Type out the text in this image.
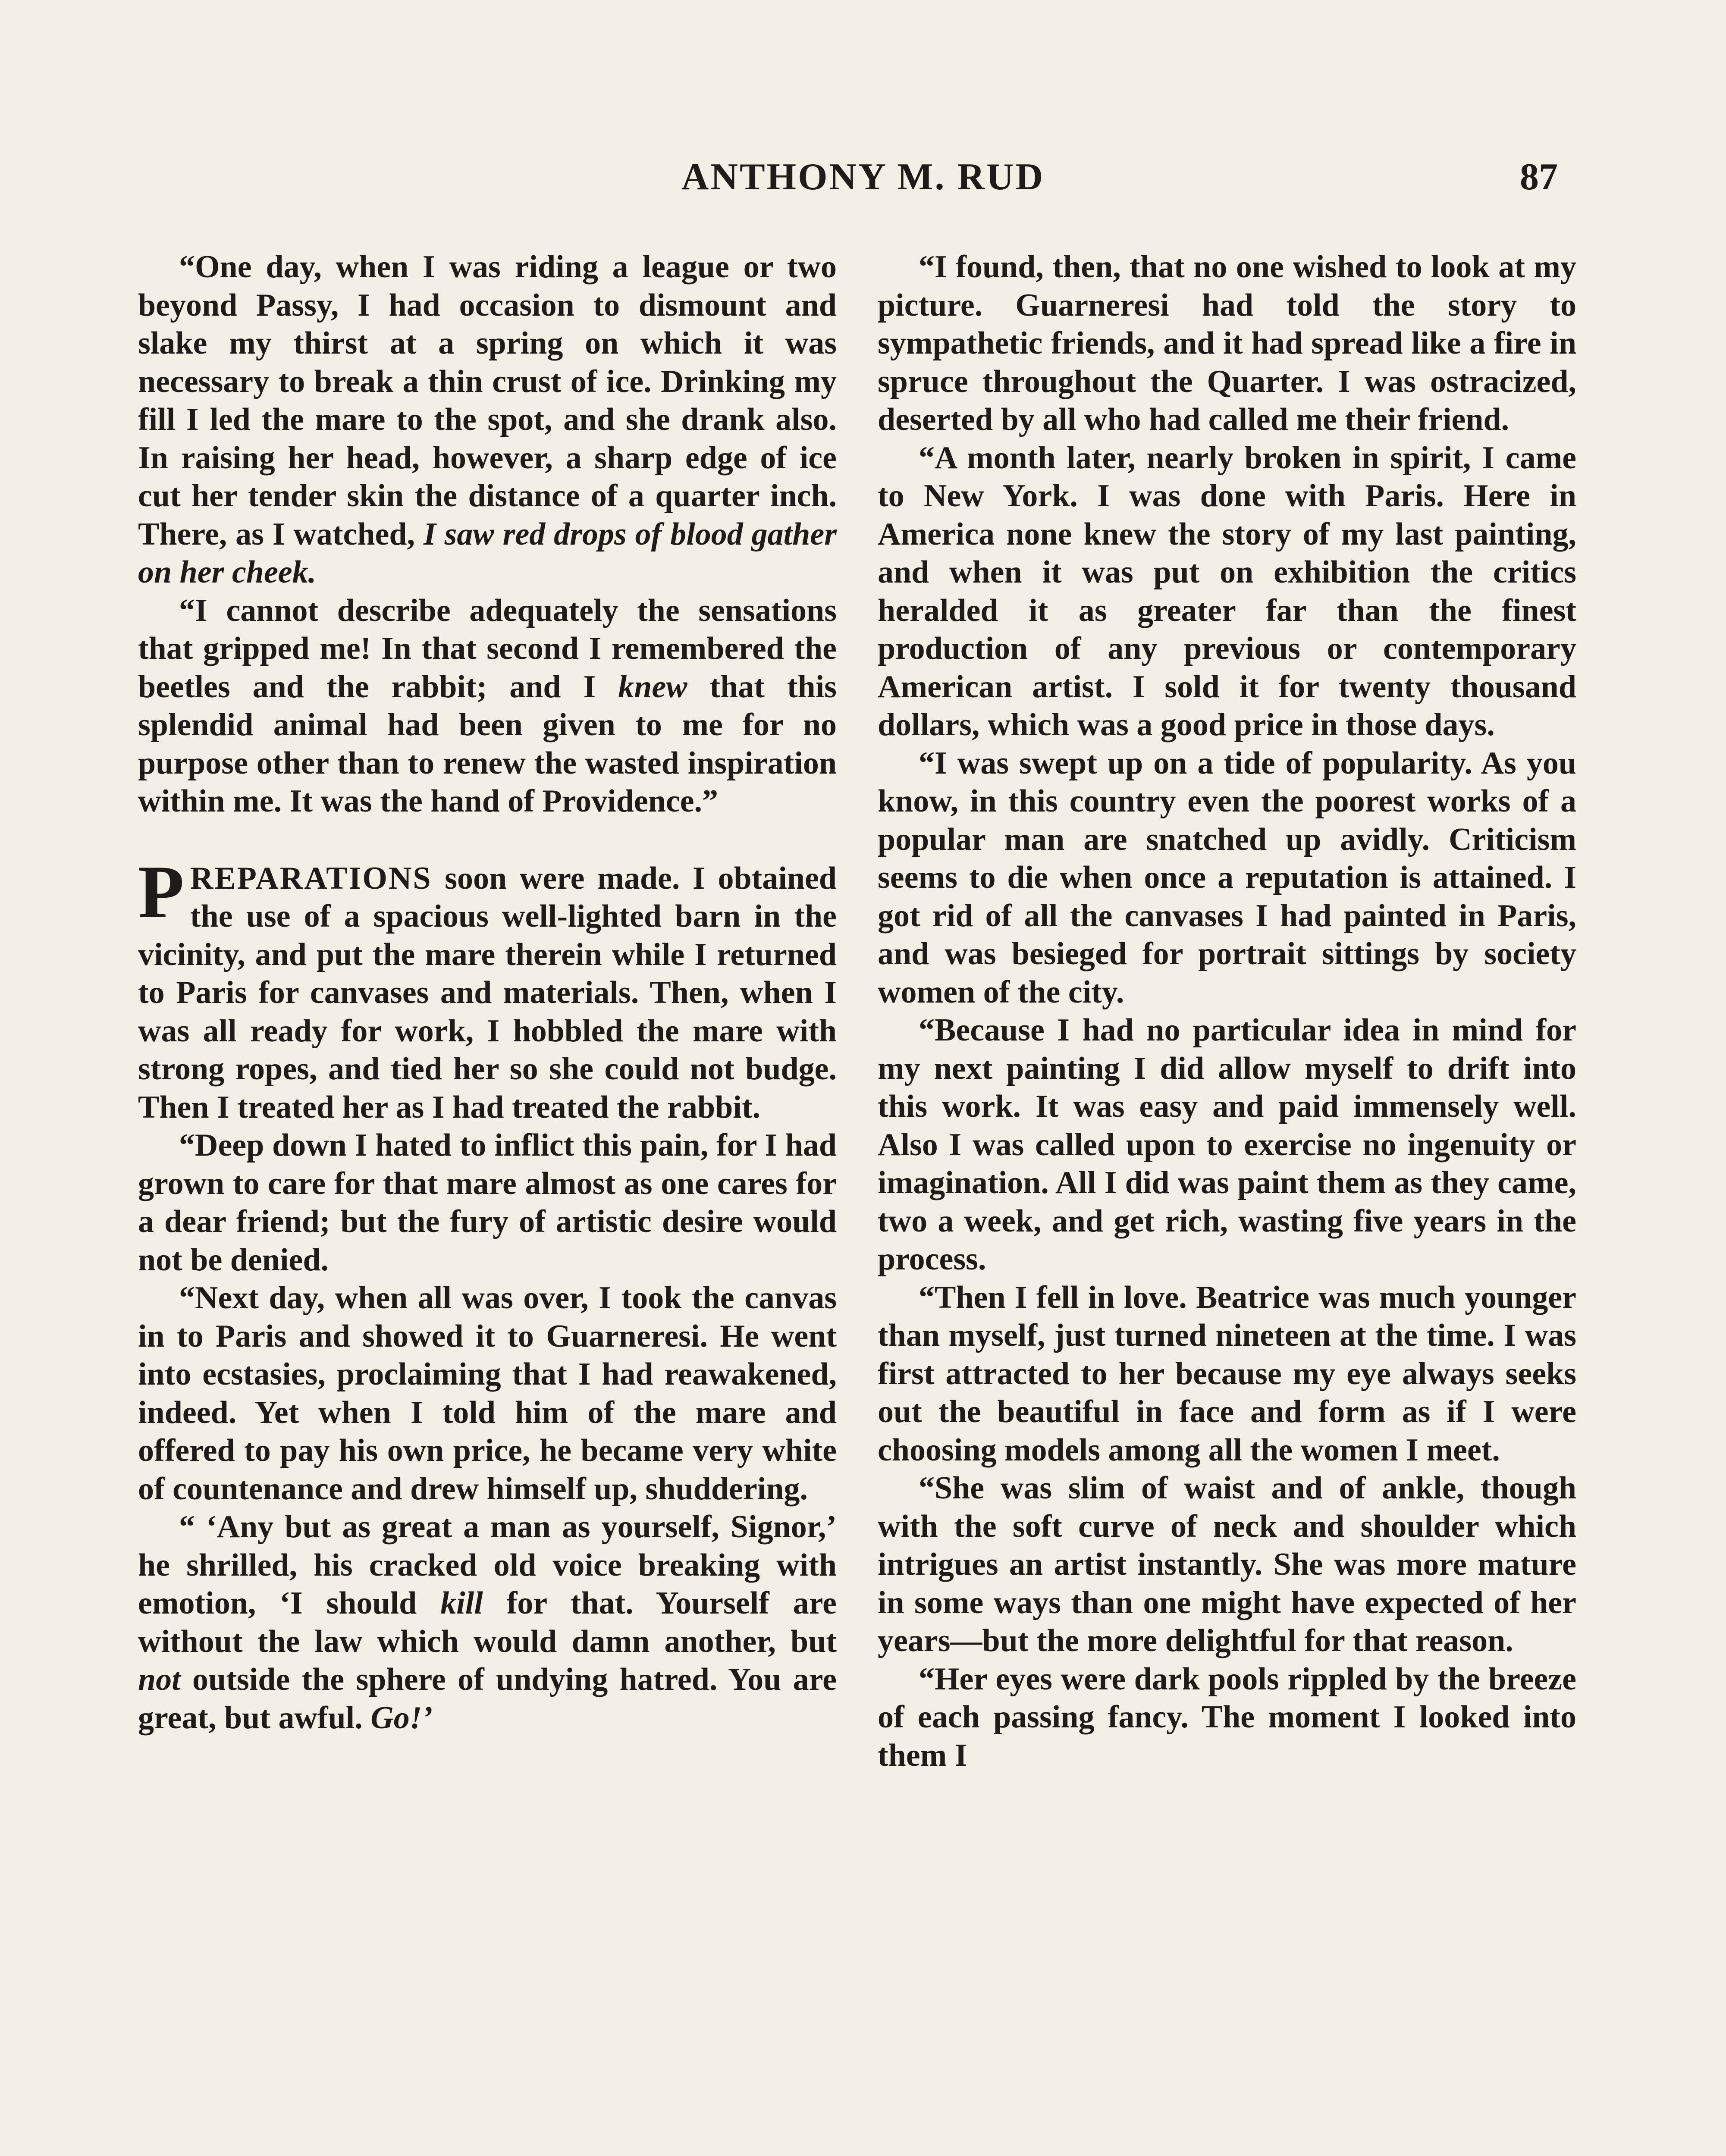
ANTHONY M. RUD	87

“One day, when I was riding a league or two beyond Passy, I had occasion to dismount and slake my thirst at a spring on which it was necessary to break a thin crust of ice. Drinking my fill I led the mare to the spot, and she drank also. In raising her head, however, a sharp edge of ice cut her tender skin the distance of a quarter inch. There, as I watched, I saw red drops of blood gather on her cheek.

“I cannot describe adequately the sensations that gripped me! In that second I remembered the beetles and the rabbit; and I knew that this splendid animal had been given to me for no purpose other than to renew the wasted inspiration within me. It was the hand of Providence.”

PREPARATIONS soon were made. I obtained the use of a spacious well-lighted barn in the vicinity, and put the mare therein while I returned to Paris for canvases and materials. Then, when I was all ready for work, I hobbled the mare with strong ropes, and tied her so she could not budge. Then I treated her as I had treated the rabbit.

“Deep down I hated to inflict this pain, for I had grown to care for that mare almost as one cares for a dear friend; but the fury of artistic desire would not be denied.

“Next day, when all was over, I took the canvas in to Paris and showed it to Guarneresi. He went into ecstasies, proclaiming that I had reawakened, indeed. Yet when I told him of the mare and offered to pay his own price, he became very white of countenance and drew himself up, shuddering.

“ ‘Any but as great a man as yourself, Signor,’ he shrilled, his cracked old voice breaking with emotion, ‘I should kill for that. Yourself are without the law which would damn another, but not outside the sphere of undying hatred. You are great, but awful. Go!’

“I found, then, that no one wished to look at my picture. Guarneresi had told the story to sympathetic friends, and it had spread like a fire in spruce throughout the Quarter. I was ostracized, deserted by all who had called me their friend.

“A month later, nearly broken in spirit, I came to New York. I was done with Paris. Here in America none knew the story of my last painting, and when it was put on exhibition the critics heralded it as greater far than the finest production of any previous or contemporary American artist. I sold it for twenty thousand dollars, which was a good price in those days.

“I was swept up on a tide of popularity. As you know, in this country even the poorest works of a popular man are snatched up avidly. Criticism seems to die when once a reputation is attained. I got rid of all the canvases I had painted in Paris, and was besieged for portrait sittings by society women of the city.

“Because I had no particular idea in mind for my next painting I did allow myself to drift into this work. It was easy and paid immensely well. Also I was called upon to exercise no ingenuity or imagination. All I did was paint them as they came, two a week, and get rich, wasting five years in the process.

“Then I fell in love. Beatrice was much younger than myself, just turned nineteen at the time. I was first attracted to her because my eye always seeks out the beautiful in face and form as if I were choosing models among all the women I meet.

“She was slim of waist and of ankle, though with the soft curve of neck and shoulder which intrigues an artist instantly. She was more mature in some ways than one might have expected of her years—but the more delightful for that reason.

“Her eyes were dark pools rippled by the breeze of each passing fancy. The moment I looked into them I
